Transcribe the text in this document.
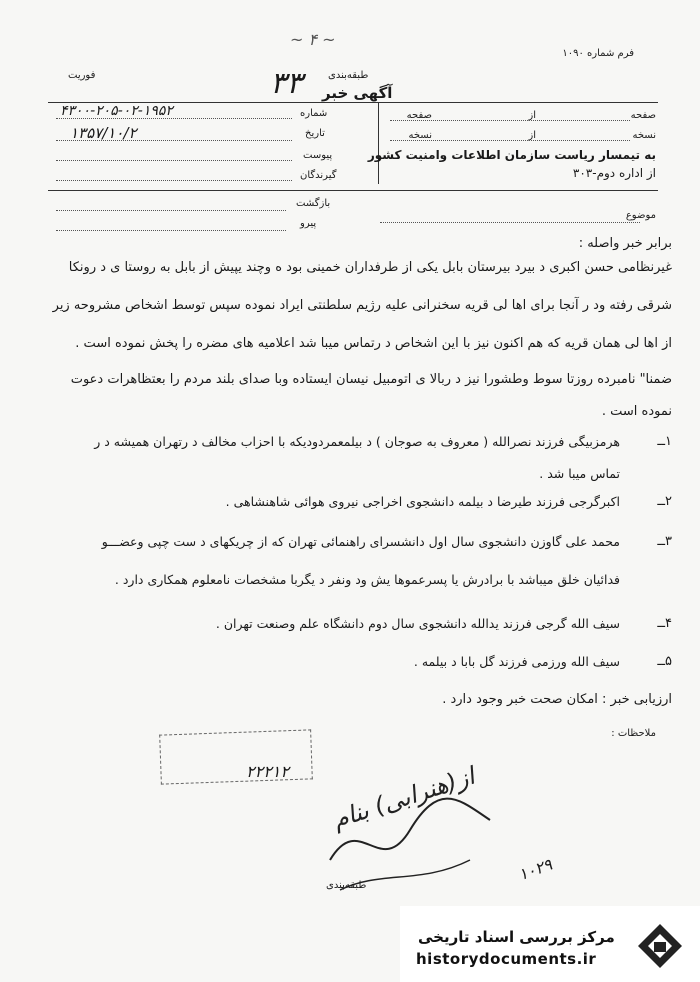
~ ۴ ~
فرم شماره ۱۰۹۰
طبقه‌بندی
فوریت
آگهی خبر
۳۳
صفحه
از
صفحه
نسخه
از
نسخه
به تیمسار ریاست سازمان اطلاعات وامنیت کشور
از اداره دوم-۳۰۳
شماره
۴۳۰۰-۲۰۵-۰۲-۱۹۵۲
تاریخ
۱۳۵۷/۱۰/۲
پیوست
گیرندگان
موضوع
بازگشت
پیرو
برابر خبر واصله :
غیرنظامی حسن اکبری د بیرد بیرستان بابل یکی از طرفداران خمینی بود ه وچند یپیش از بابل به روستا ی د رونکا
شرقی رفته ود ر آنجا برای اها لی قریه سخنرانی علیه رژیم سلطنتی ایراد نموده سپس توسط اشخاص مشروحه زیر
از اها لی همان قریه که هم اکنون نیز با این اشخاص د رتماس میبا شد اعلامیه های مضره را پخش نموده است .
ضمنا" نامبرده روزتا سوط وطشورا نیز د ربالا ی اتومبیل نیسان ایستاده وبا صدای بلند مردم را بعتظاهرات دعوت
نموده است .
۱ــ
هرمزبیگی فرزند نصرالله ( معروف به صوجان ) د بیلمعمردودیکه با احزاب مخالف د رتهران همیشه د ر
تماس میبا شد .
۲ــ
اکبرگرجی فرزند طیرضا د بیلمه دانشجوی اخراجی نیروی هوائی شاهنشاهی .
۳ــ
محمد علی گاوزن دانشجوی سال اول دانشسرای راهنمائی تهران که از چریکهای د ست چپی وعضـــو
فدائیان خلق میباشد با برادرش یا پسرعموها یش ود ونفر د یگربا مشخصات نامعلوم همکاری دارد .
۴ــ
سیف الله گرجی فرزند یدالله دانشجوی سال دوم دانشگاه علم وصنعت تهران .
۵ــ
سیف الله ورزمی فرزند گل بابا د بیلمه .
ارزیابی خبر : امکان صحت خبر وجود دارد .
ملاحظات :
۲۲۲۱۲ از(هنرابی) بنام
۱۰۲۹
طبقه‌بندی
مرکز بررسی اسناد تاریخی
historydocuments.ir
